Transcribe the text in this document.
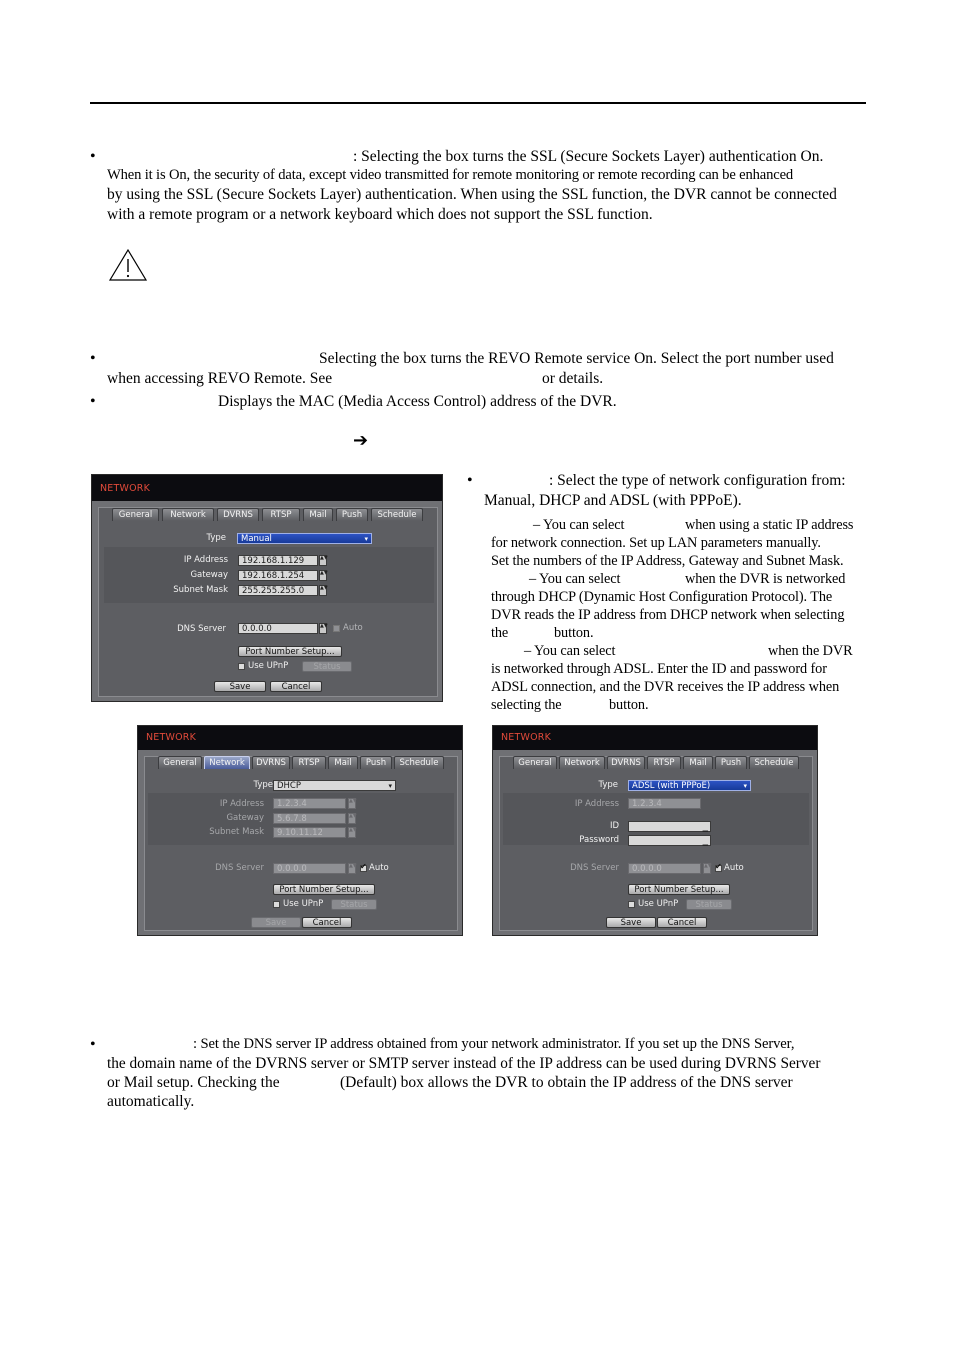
•	: Selecting the box turns the SSL (Secure Sockets Layer) authentication On.
When it is On, the security of data, except video transmitted for remote monitoring or remote recording can be enhanced
by using the SSL (Secure Sockets Layer) authentication. When using the SSL function, the DVR cannot be connected
with a remote program or a network keyboard which does not support the SSL function.
•	Selecting the box turns the REVO Remote service On. Select the port number used
when accessing REVO Remote. See	or details.
•	Displays the MAC (Media Access Control) address of the DVR.
➔
•	: Select the type of network configuration from:
Manual, DHCP and ADSL (with PPPoE).
– You can select	when using a static IP address
for network connection. Set up LAN parameters manually.
Set the numbers of the IP Address, Gateway and Subnet Mask.
– You can select	when the DVR is networked
through DHCP (Dynamic Host Configuration Protocol). The
DVR reads the IP address from DHCP network when selecting
the	button.
– You can select	when the DVR
is networked through ADSL. Enter the ID and password for
ADSL connection, and the DVR receives the IP address when
selecting the	button.
NETWORK
General	Network	DVRNS	RTSP	Mail	Push	Schedule
Type	Manual	▾
IP Address	192.168.1.129	▲▼
Gateway	192.168.1.254	▲▼
Subnet Mask	255.255.255.0	▲▼
DNS Server	0.0.0.0	▲▼ Auto
Port Number Setup...
Use UPnP	Status
Save	Cancel
NETWORK
General	Network	DVRNS	RTSP	Mail	Push	Schedule
Type DHCP	▾
IP Address	1.2.3.4	▲▼
Gateway	5.6.7.8	▲▼
Subnet Mask	9.10.11.12	▲▼
DNS Server	0.0.0.0	▲▼ ✔ Auto
Port Number Setup...
Use UPnP	Status
Save	Cancel
NETWORK
General	Network	DVRNS	RTSP	Mail	Push	Schedule
Type	ADSL (with PPPoE)	▾
IP Address	1.2.3.4
ID	▁
Password	▁
DNS Server	0.0.0.0	▲▼ ✔ Auto
Port Number Setup...
Use UPnP	Status
Save	Cancel
•	: Set the DNS server IP address obtained from your network administrator. If you set up the DNS Server,
the domain name of the DVRNS server or SMTP server instead of the IP address can be used during DVRNS Server
or Mail setup. Checking the	(Default) box allows the DVR to obtain the IP address of the DNS server
automatically.
